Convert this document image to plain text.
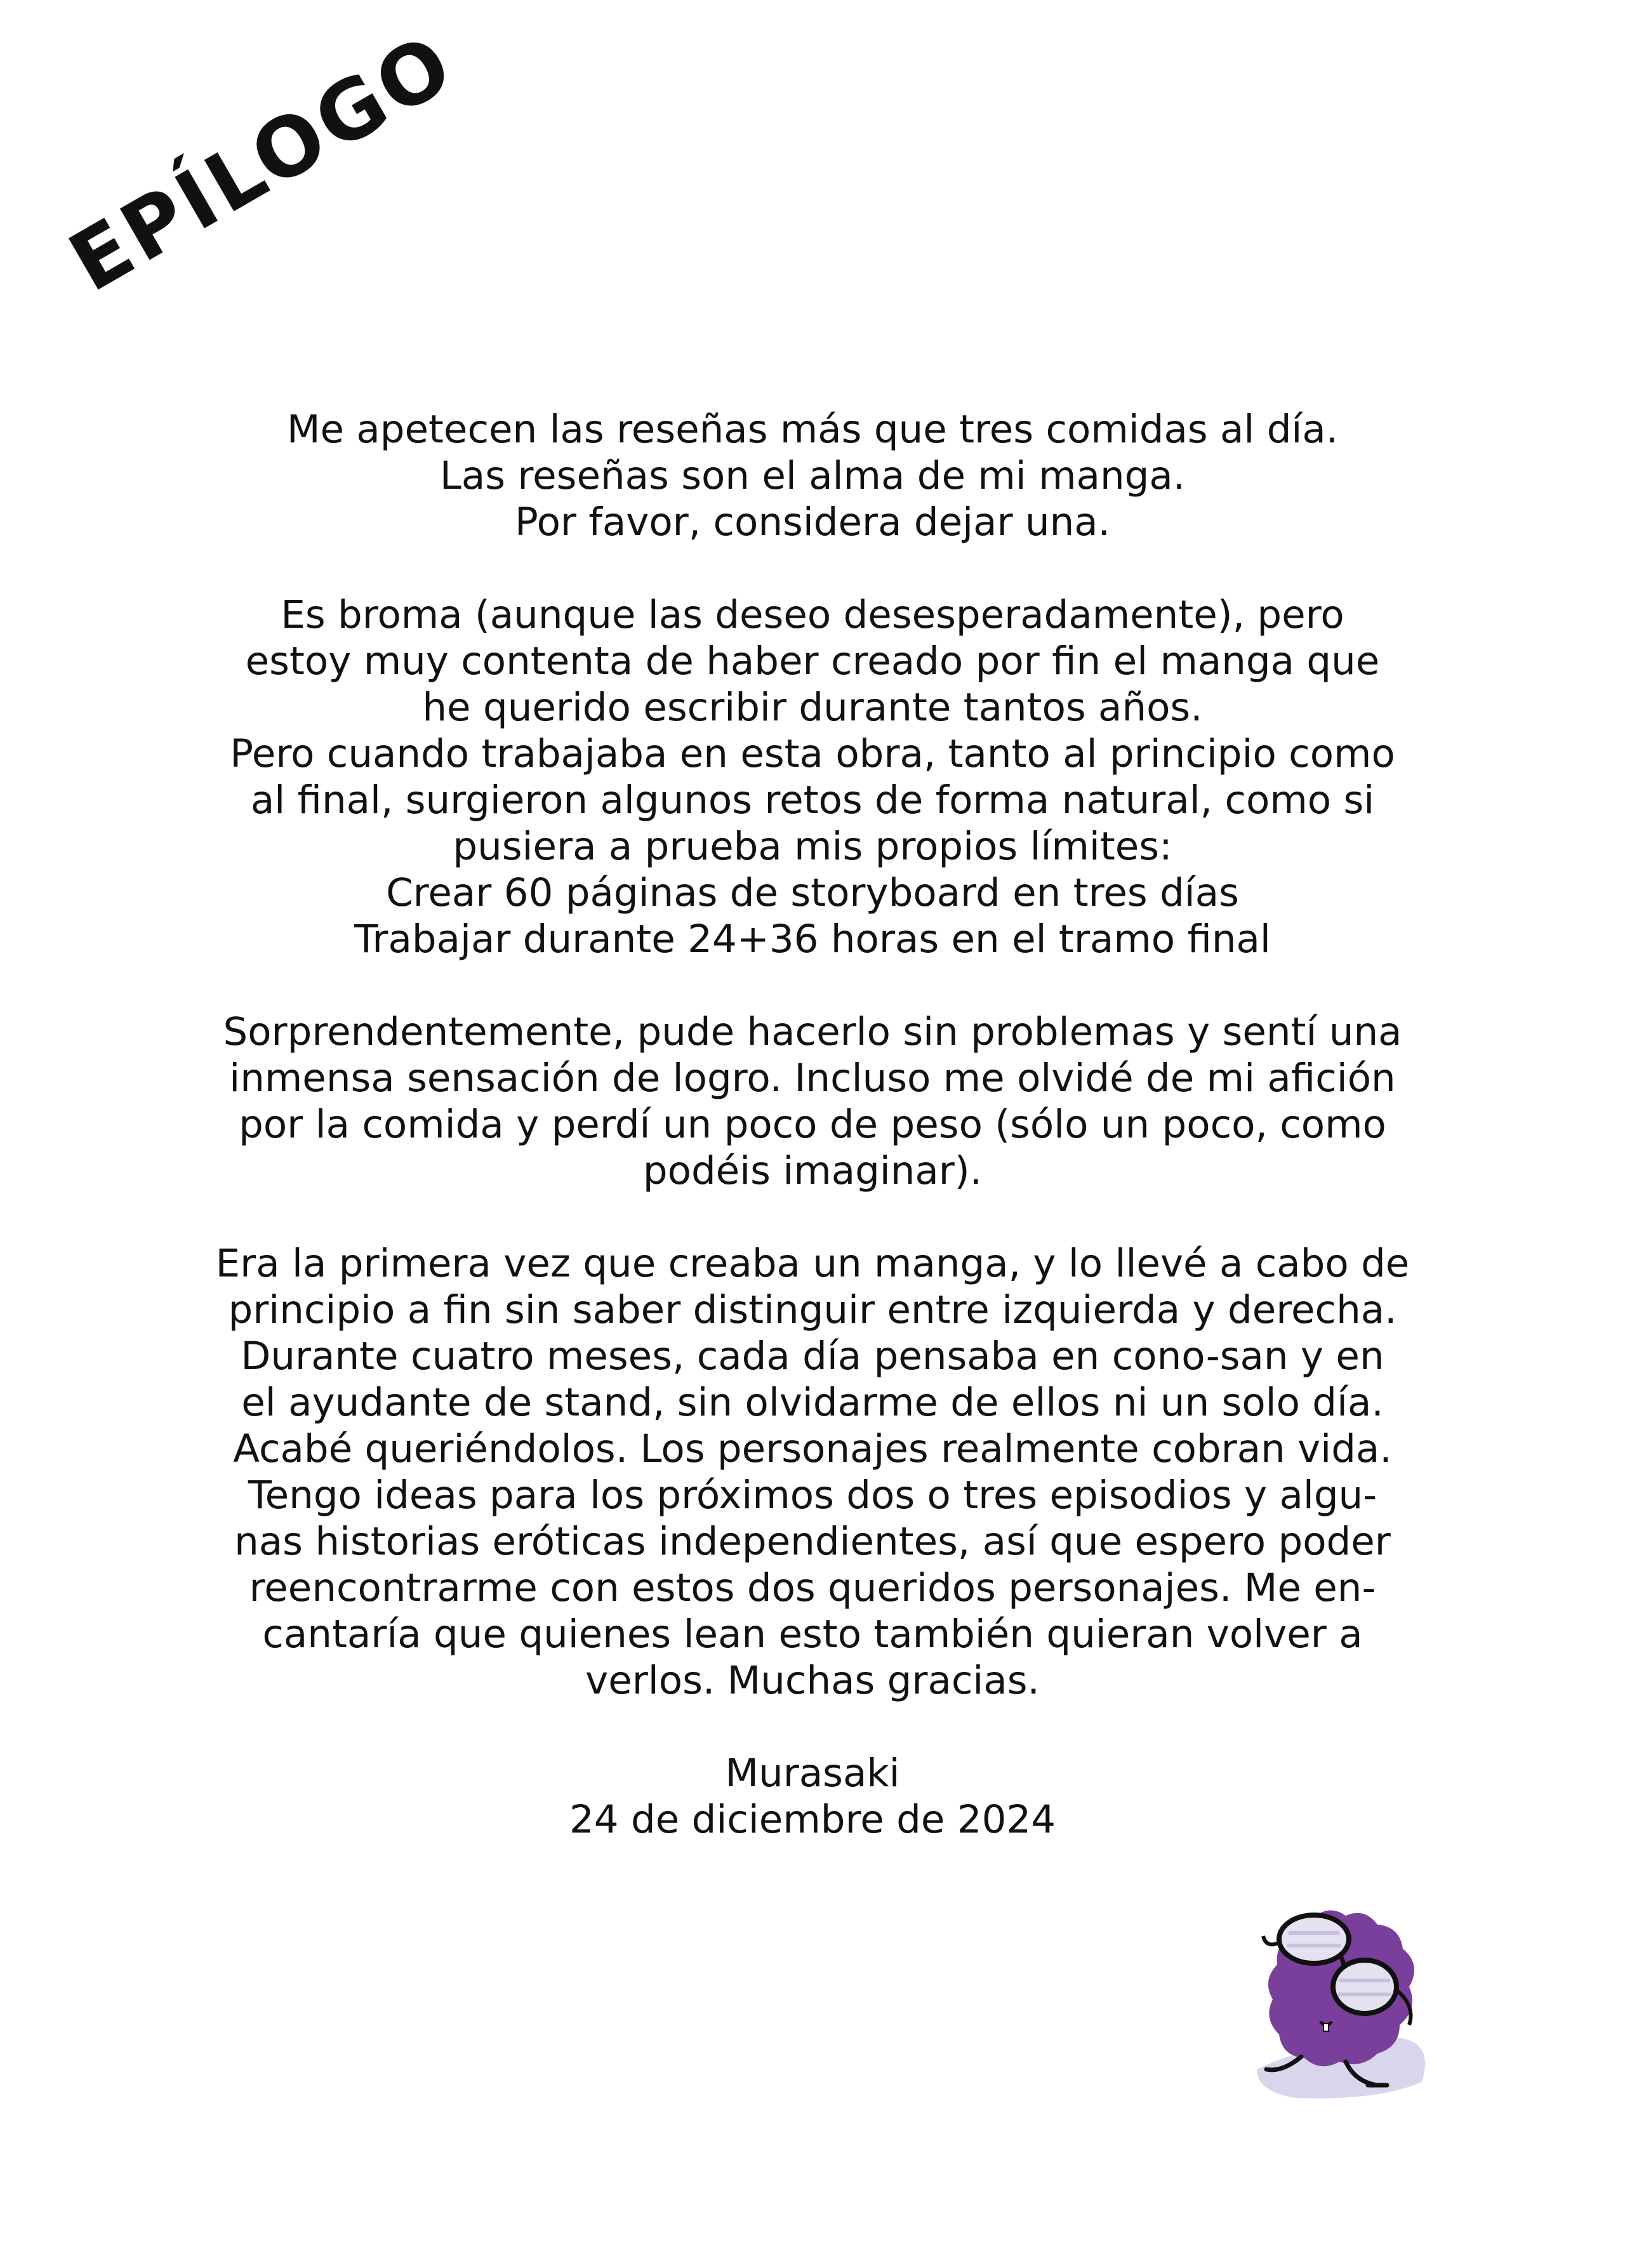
EPÍLOGO

Me apetecen las reseñas más que tres comidas al día.
Las reseñas son el alma de mi manga.
Por favor, considera dejar una.

Es broma (aunque las deseo desesperadamente), pero
estoy muy contenta de haber creado por fin el manga que
he querido escribir durante tantos años.
Pero cuando trabajaba en esta obra, tanto al principio como
al final, surgieron algunos retos de forma natural, como si
pusiera a prueba mis propios límites:
Crear 60 páginas de storyboard en tres días
Trabajar durante 24+36 horas en el tramo final

Sorprendentemente, pude hacerlo sin problemas y sentí una
inmensa sensación de logro. Incluso me olvidé de mi afición
por la comida y perdí un poco de peso (sólo un poco, como
podéis imaginar).

Era la primera vez que creaba un manga, y lo llevé a cabo de
principio a fin sin saber distinguir entre izquierda y derecha.
Durante cuatro meses, cada día pensaba en cono-san y en
el ayudante de stand, sin olvidarme de ellos ni un solo día.
Acabé queriéndolos. Los personajes realmente cobran vida.
Tengo ideas para los próximos dos o tres episodios y algu-
nas historias eróticas independientes, así que espero poder
reencontrarme con estos dos queridos personajes. Me en-
cantaría que quienes lean esto también quieran volver a
verlos. Muchas gracias.

Murasaki
24 de diciembre de 2024
